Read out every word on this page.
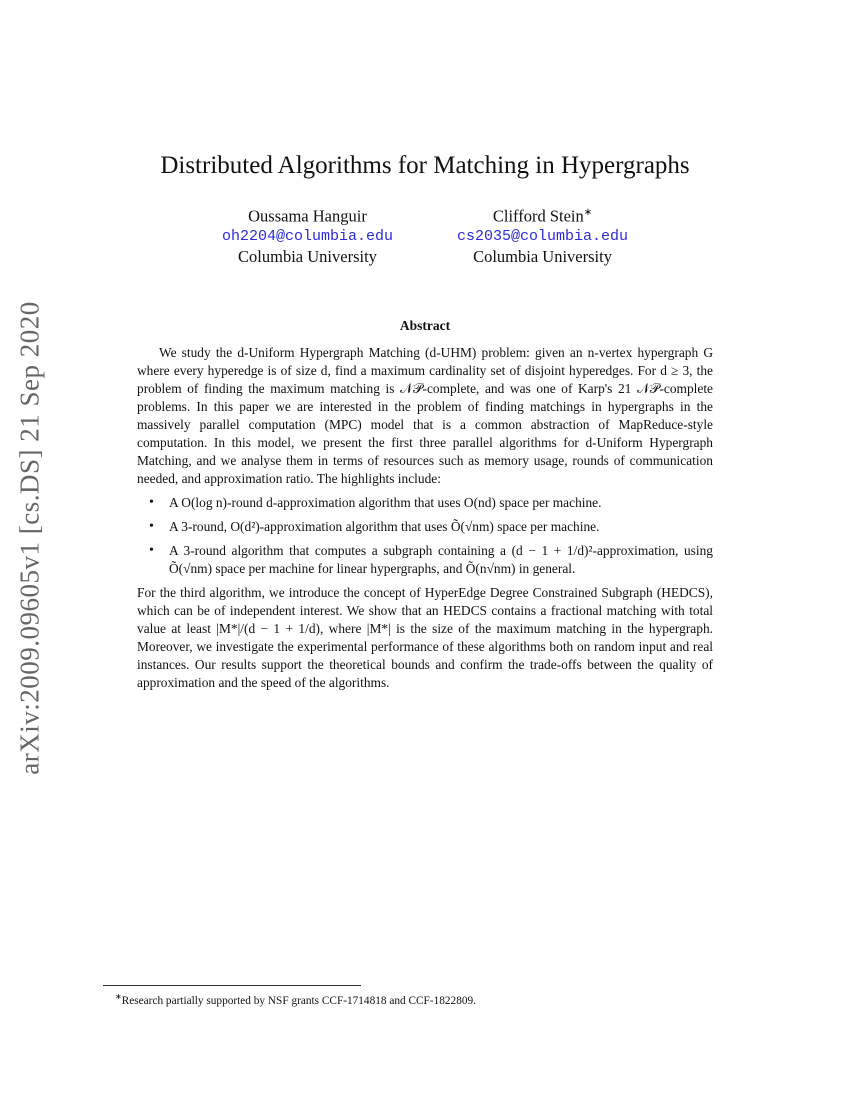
arXiv:2009.09605v1 [cs.DS] 21 Sep 2020
Distributed Algorithms for Matching in Hypergraphs
Oussama Hanguir
oh2204@columbia.edu
Columbia University
Clifford Stein∗
cs2035@columbia.edu
Columbia University
Abstract

We study the d-Uniform Hypergraph Matching (d-UHM) problem: given an n-vertex hypergraph G where every hyperedge is of size d, find a maximum cardinality set of disjoint hyperedges. For d ≥ 3, the problem of finding the maximum matching is 𝒩𝒫-complete, and was one of Karp's 21 𝒩𝒫-complete problems. In this paper we are interested in the problem of finding matchings in hypergraphs in the massively parallel computation (MPC) model that is a common abstraction of MapReduce-style computation. In this model, we present the first three parallel algorithms for d-Uniform Hypergraph Matching, and we analyse them in terms of resources such as memory usage, rounds of communication needed, and approximation ratio. The highlights include:

• A O(log n)-round d-approximation algorithm that uses O(nd) space per machine.
• A 3-round, O(d²)-approximation algorithm that uses Õ(√nm) space per machine.
• A 3-round algorithm that computes a subgraph containing a (d − 1 + 1/d)²-approximation, using Õ(√nm) space per machine for linear hypergraphs, and Õ(n√nm) in general.

For the third algorithm, we introduce the concept of HyperEdge Degree Constrained Subgraph (HEDCS), which can be of independent interest. We show that an HEDCS contains a fractional matching with total value at least |M*|/(d − 1 + 1/d), where |M*| is the size of the maximum matching in the hypergraph. Moreover, we investigate the experimental performance of these algorithms both on random input and real instances. Our results support the theoretical bounds and confirm the trade-offs between the quality of approximation and the speed of the algorithms.

∗Research partially supported by NSF grants CCF-1714818 and CCF-1822809.
